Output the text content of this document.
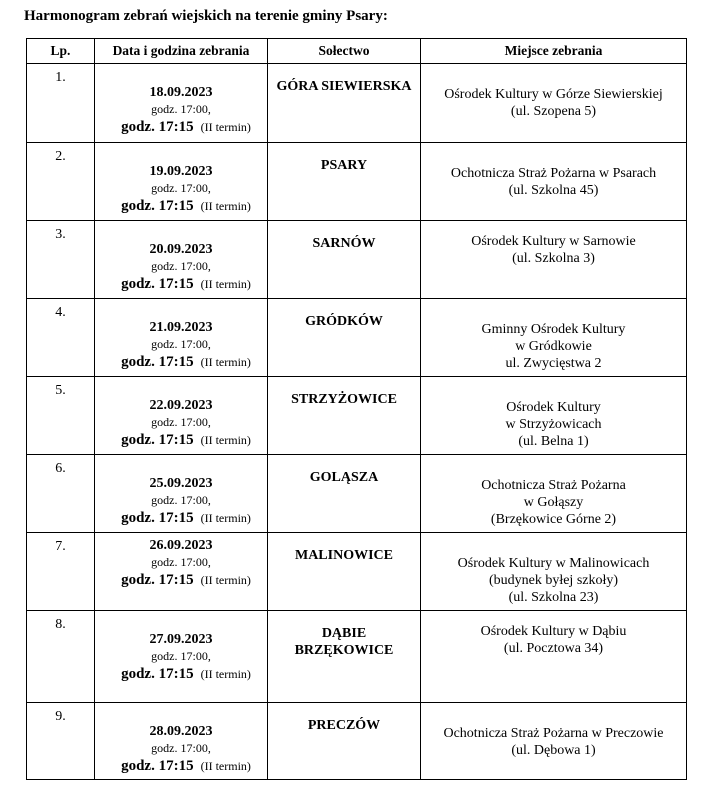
Harmonogram zebrań wiejskich na terenie gminy Psary:
Lp.	Data i godzina zebrania	Sołectwo	Miejsce zebrania

1.	18.09.2023
godz. 17:00,
godz. 17:15 (II termin)	GÓRA SIEWIERSKA	Ośrodek Kultury w Górze Siewierskiej
(ul. Szopena 5)

2.	19.09.2023
godz. 17:00,
godz. 17:15 (II termin)	PSARY	Ochotnicza Straż Pożarna w Psarach
(ul. Szkolna 45)

3.	20.09.2023
godz. 17:00,
godz. 17:15 (II termin)	SARNÓW	Ośrodek Kultury w Sarnowie
(ul. Szkolna 3)

4.	21.09.2023
godz. 17:00,
godz. 17:15 (II termin)	GRÓDKÓW	Gminny Ośrodek Kultury
w Gródkowie
ul. Zwycięstwa 2

5.	22.09.2023
godz. 17:00,
godz. 17:15 (II termin)	STRZYŻOWICE	Ośrodek Kultury
w Strzyżowicach
(ul. Belna 1)

6.	25.09.2023
godz. 17:00,
godz. 17:15 (II termin)	GOLĄSZA	Ochotnicza Straż Pożarna
w Gołąszy
(Brzękowice Górne 2)

7.	26.09.2023
godz. 17:00,
godz. 17:15 (II termin)	MALINOWICE	Ośrodek Kultury w Malinowicach
(budynek byłej szkoły)
(ul. Szkolna 23)

8.	27.09.2023
godz. 17:00,
godz. 17:15 (II termin)	DĄBIE
BRZĘKOWICE	Ośrodek Kultury w Dąbiu
(ul. Pocztowa 34)

9.	28.09.2023
godz. 17:00,
godz. 17:15 (II termin)	PRECZÓW	Ochotnicza Straż Pożarna w Preczowie
(ul. Dębowa 1)
